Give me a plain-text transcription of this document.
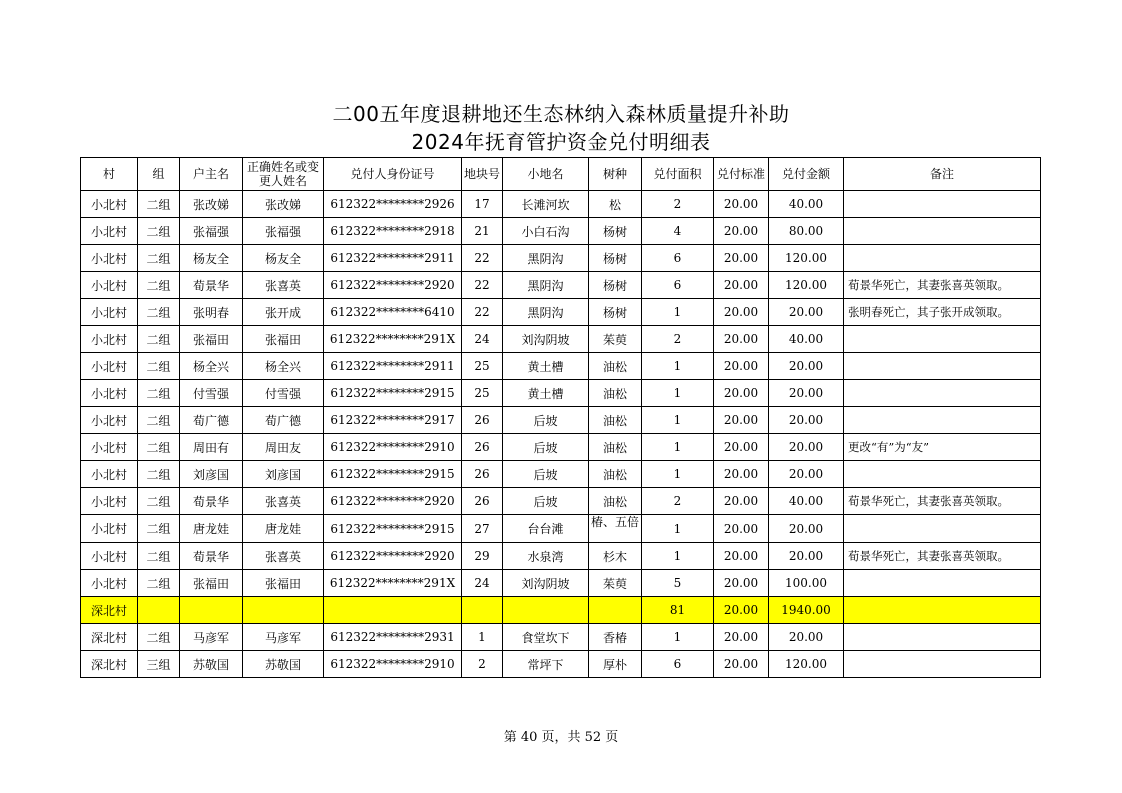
二00五年度退耕地还生态林纳入森林质量提升补助
2024年抚育管护资金兑付明细表
村	组	户主名	正确姓名或变更人姓名	兑付人身份证号	地块号	小地名	树种	兑付面积	兑付标准	兑付金额	备注
小北村	二组	张改娣	张改娣	612322********2926	17	长滩河坎	松	2	20.00	40.00	
小北村	二组	张福强	张福强	612322********2918	21	小白石沟	杨树	4	20.00	80.00	
小北村	二组	杨友全	杨友全	612322********2911	22	黑阴沟	杨树	6	20.00	120.00	
小北村	二组	荀景华	张喜英	612322********2920	22	黑阴沟	杨树	6	20.00	120.00	荀景华死亡，其妻张喜英领取。
小北村	二组	张明春	张开成	612322********6410	22	黑阴沟	杨树	1	20.00	20.00	张明春死亡，其子张开成领取。
小北村	二组	张福田	张福田	612322********291X	24	刘沟阴坡	茱萸	2	20.00	40.00	
小北村	二组	杨全兴	杨全兴	612322********2911	25	黄土槽	油松	1	20.00	20.00	
小北村	二组	付雪强	付雪强	612322********2915	25	黄土槽	油松	1	20.00	20.00	
小北村	二组	荀广德	荀广德	612322********2917	26	后坡	油松	1	20.00	20.00	
小北村	二组	周田有	周田友	612322********2910	26	后坡	油松	1	20.00	20.00	更改“有”为“友”
小北村	二组	刘彦国	刘彦国	612322********2915	26	后坡	油松	1	20.00	20.00	
小北村	二组	荀景华	张喜英	612322********2920	26	后坡	油松	2	20.00	40.00	荀景华死亡，其妻张喜英领取。
小北村	二组	唐龙娃	唐龙娃	612322********2915	27	台台滩	椿、五倍	1	20.00	20.00	
小北村	二组	荀景华	张喜英	612322********2920	29	水泉湾	杉木	1	20.00	20.00	荀景华死亡，其妻张喜英领取。
小北村	二组	张福田	张福田	612322********291X	24	刘沟阴坡	茱萸	5	20.00	100.00	
深北村								81	20.00	1940.00	
深北村	二组	马彦军	马彦军	612322********2931	1	食堂坎下	香椿	1	20.00	20.00	
深北村	三组	苏敬国	苏敬国	612322********2910	2	常坪下	厚朴	6	20.00	120.00	
第 40 页，共 52 页
